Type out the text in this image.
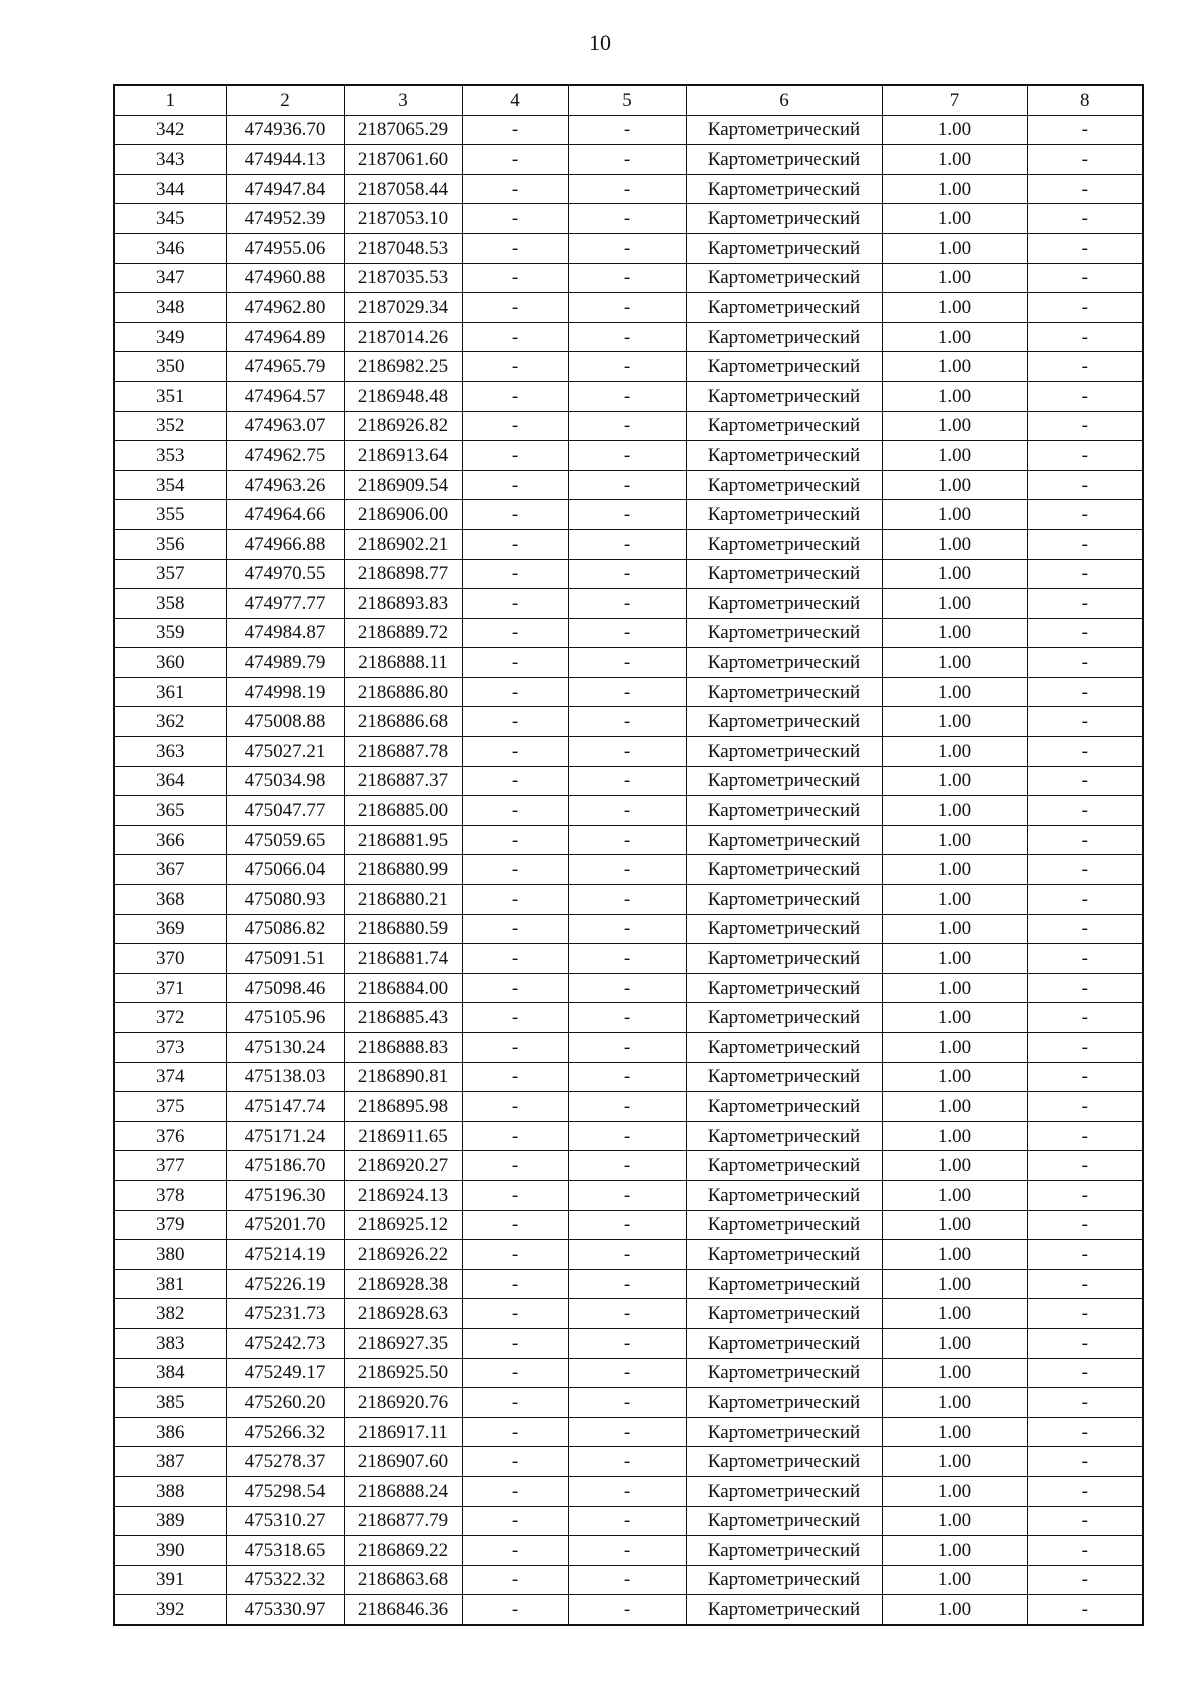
10
1	2	3	4	5	6	7	8
342	474936.70	2187065.29	-	-	Картометрический	1.00	-
343	474944.13	2187061.60	-	-	Картометрический	1.00	-
344	474947.84	2187058.44	-	-	Картометрический	1.00	-
345	474952.39	2187053.10	-	-	Картометрический	1.00	-
346	474955.06	2187048.53	-	-	Картометрический	1.00	-
347	474960.88	2187035.53	-	-	Картометрический	1.00	-
348	474962.80	2187029.34	-	-	Картометрический	1.00	-
349	474964.89	2187014.26	-	-	Картометрический	1.00	-
350	474965.79	2186982.25	-	-	Картометрический	1.00	-
351	474964.57	2186948.48	-	-	Картометрический	1.00	-
352	474963.07	2186926.82	-	-	Картометрический	1.00	-
353	474962.75	2186913.64	-	-	Картометрический	1.00	-
354	474963.26	2186909.54	-	-	Картометрический	1.00	-
355	474964.66	2186906.00	-	-	Картометрический	1.00	-
356	474966.88	2186902.21	-	-	Картометрический	1.00	-
357	474970.55	2186898.77	-	-	Картометрический	1.00	-
358	474977.77	2186893.83	-	-	Картометрический	1.00	-
359	474984.87	2186889.72	-	-	Картометрический	1.00	-
360	474989.79	2186888.11	-	-	Картометрический	1.00	-
361	474998.19	2186886.80	-	-	Картометрический	1.00	-
362	475008.88	2186886.68	-	-	Картометрический	1.00	-
363	475027.21	2186887.78	-	-	Картометрический	1.00	-
364	475034.98	2186887.37	-	-	Картометрический	1.00	-
365	475047.77	2186885.00	-	-	Картометрический	1.00	-
366	475059.65	2186881.95	-	-	Картометрический	1.00	-
367	475066.04	2186880.99	-	-	Картометрический	1.00	-
368	475080.93	2186880.21	-	-	Картометрический	1.00	-
369	475086.82	2186880.59	-	-	Картометрический	1.00	-
370	475091.51	2186881.74	-	-	Картометрический	1.00	-
371	475098.46	2186884.00	-	-	Картометрический	1.00	-
372	475105.96	2186885.43	-	-	Картометрический	1.00	-
373	475130.24	2186888.83	-	-	Картометрический	1.00	-
374	475138.03	2186890.81	-	-	Картометрический	1.00	-
375	475147.74	2186895.98	-	-	Картометрический	1.00	-
376	475171.24	2186911.65	-	-	Картометрический	1.00	-
377	475186.70	2186920.27	-	-	Картометрический	1.00	-
378	475196.30	2186924.13	-	-	Картометрический	1.00	-
379	475201.70	2186925.12	-	-	Картометрический	1.00	-
380	475214.19	2186926.22	-	-	Картометрический	1.00	-
381	475226.19	2186928.38	-	-	Картометрический	1.00	-
382	475231.73	2186928.63	-	-	Картометрический	1.00	-
383	475242.73	2186927.35	-	-	Картометрический	1.00	-
384	475249.17	2186925.50	-	-	Картометрический	1.00	-
385	475260.20	2186920.76	-	-	Картометрический	1.00	-
386	475266.32	2186917.11	-	-	Картометрический	1.00	-
387	475278.37	2186907.60	-	-	Картометрический	1.00	-
388	475298.54	2186888.24	-	-	Картометрический	1.00	-
389	475310.27	2186877.79	-	-	Картометрический	1.00	-
390	475318.65	2186869.22	-	-	Картометрический	1.00	-
391	475322.32	2186863.68	-	-	Картометрический	1.00	-
392	475330.97	2186846.36	-	-	Картометрический	1.00	-
